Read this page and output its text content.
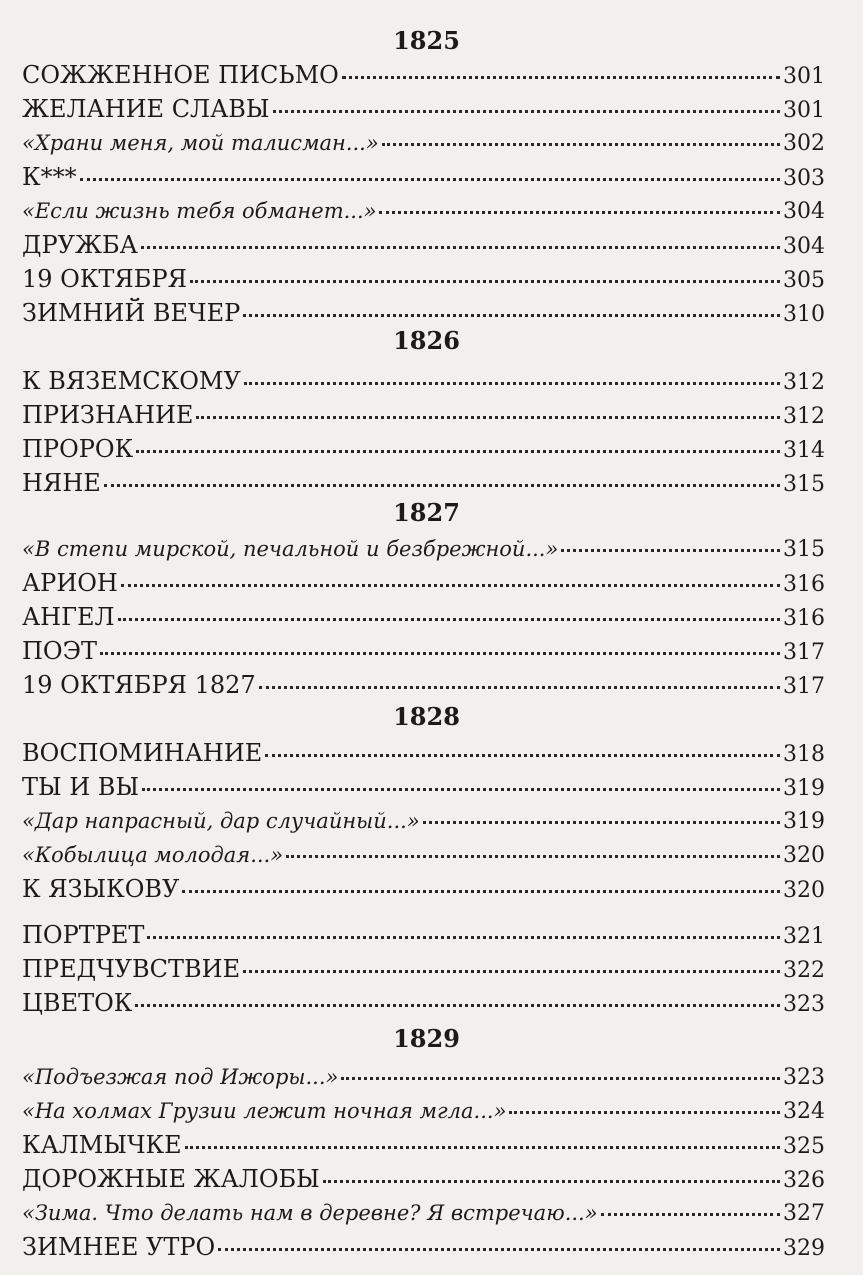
1825
СОЖЖЕННОЕ ПИСЬМО	301
ЖЕЛАНИЕ СЛАВЫ	301
«Храни меня, мой талисман...»	302
К***	303
«Если жизнь тебя обманет...»	304
ДРУЖБА	304
19 ОКТЯБРЯ	305
ЗИМНИЙ ВЕЧЕР	310
1826
К ВЯЗЕМСКОМУ	312
ПРИЗНАНИЕ	312
ПРОРОК	314
НЯНЕ	315
1827
«В степи мирской, печальной и безбрежной...»	315
АРИОН	316
АНГЕЛ	316
ПОЭТ	317
19 ОКТЯБРЯ 1827	317
1828
ВОСПОМИНАНИЕ	318
ТЫ И ВЫ	319
«Дар напрасный, дар случайный...»	319
«Кобылица молодая...»	320
К ЯЗЫКОВУ	320
ПОРТРЕТ	321
ПРЕДЧУВСТВИЕ	322
ЦВЕТОК	323
1829
«Подъезжая под Ижоры...»	323
«На холмах Грузии лежит ночная мгла...»	324
КАЛМЫЧКЕ	325
ДОРОЖНЫЕ ЖАЛОБЫ	326
«Зима. Что делать нам в деревне? Я встречаю...»	327
ЗИМНЕЕ УТРО	329
